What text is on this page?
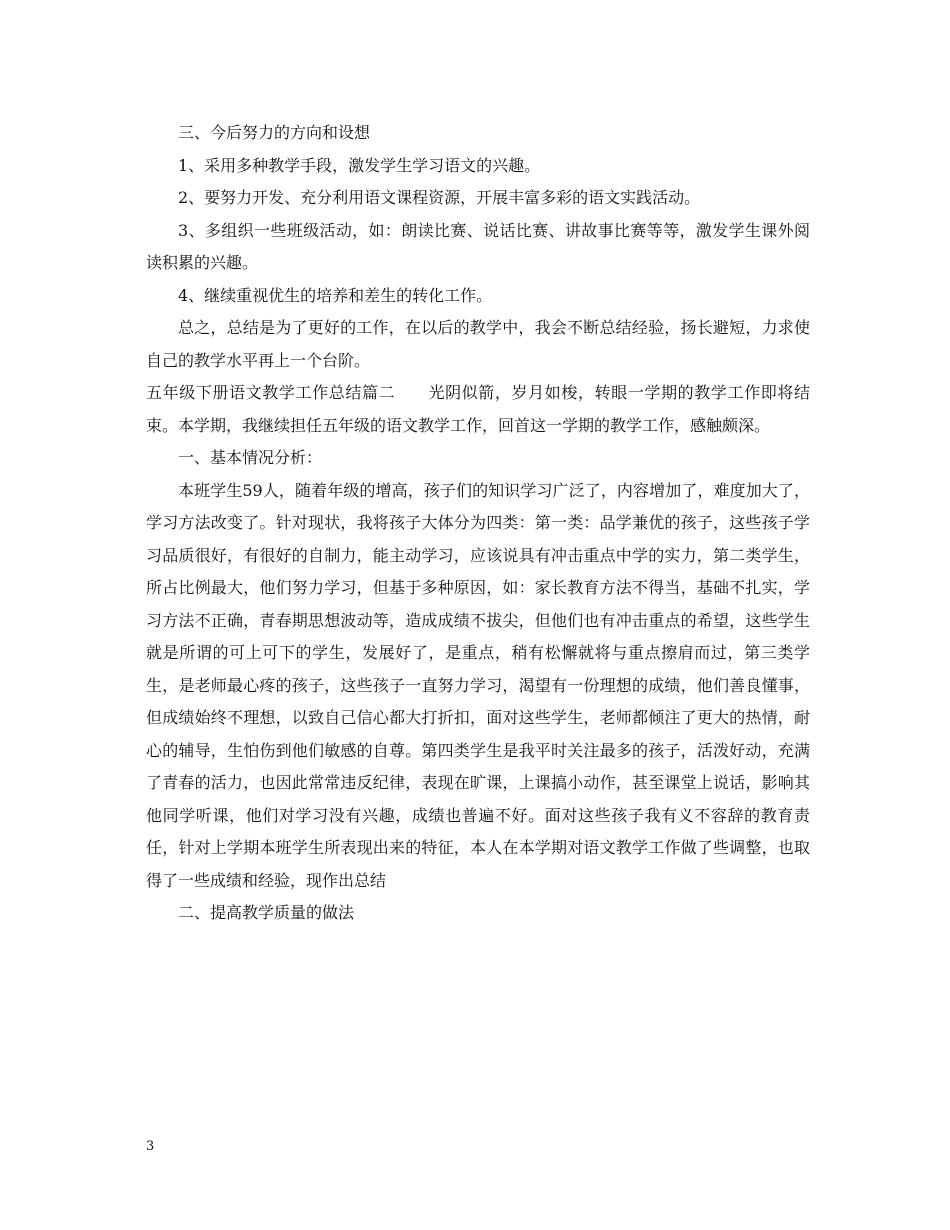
三、今后努力的方向和设想

1、采用多种教学手段，激发学生学习语文的兴趣。

2、要努力开发、充分利用语文课程资源，开展丰富多彩的语文实践活动。

3、多组织一些班级活动，如：朗读比赛、说话比赛、讲故事比赛等等，激发学生课外阅读积累的兴趣。

4、继续重视优生的培养和差生的转化工作。

总之，总结是为了更好的工作，在以后的教学中，我会不断总结经验，扬长避短，力求使自己的教学水平再上一个台阶。

五年级下册语文教学工作总结篇二　　光阴似箭，岁月如梭，转眼一学期的教学工作即将结束。本学期，我继续担任五年级的语文教学工作，回首这一学期的教学工作，感触颇深。

一、基本情况分析：

本班学生59人，随着年级的增高，孩子们的知识学习广泛了，内容增加了，难度加大了，学习方法改变了。针对现状，我将孩子大体分为四类：第一类：品学兼优的孩子，这些孩子学习品质很好，有很好的自制力，能主动学习，应该说具有冲击重点中学的实力，第二类学生，所占比例最大，他们努力学习，但基于多种原因，如：家长教育方法不得当，基础不扎实，学习方法不正确，青春期思想波动等，造成成绩不拔尖，但他们也有冲击重点的希望，这些学生就是所谓的可上可下的学生，发展好了，是重点，稍有松懈就将与重点擦肩而过，第三类学生，是老师最心疼的孩子，这些孩子一直努力学习，渴望有一份理想的成绩，他们善良懂事，但成绩始终不理想，以致自己信心都大打折扣，面对这些学生，老师都倾注了更大的热情，耐心的辅导，生怕伤到他们敏感的自尊。第四类学生是我平时关注最多的孩子，活泼好动，充满了青春的活力，也因此常常违反纪律，表现在旷课，上课搞小动作，甚至课堂上说话，影响其他同学听课，他们对学习没有兴趣，成绩也普遍不好。面对这些孩子我有义不容辞的教育责任，针对上学期本班学生所表现出来的特征，本人在本学期对语文教学工作做了些调整，也取得了一些成绩和经验，现作出总结

二、提高教学质量的做法

3
